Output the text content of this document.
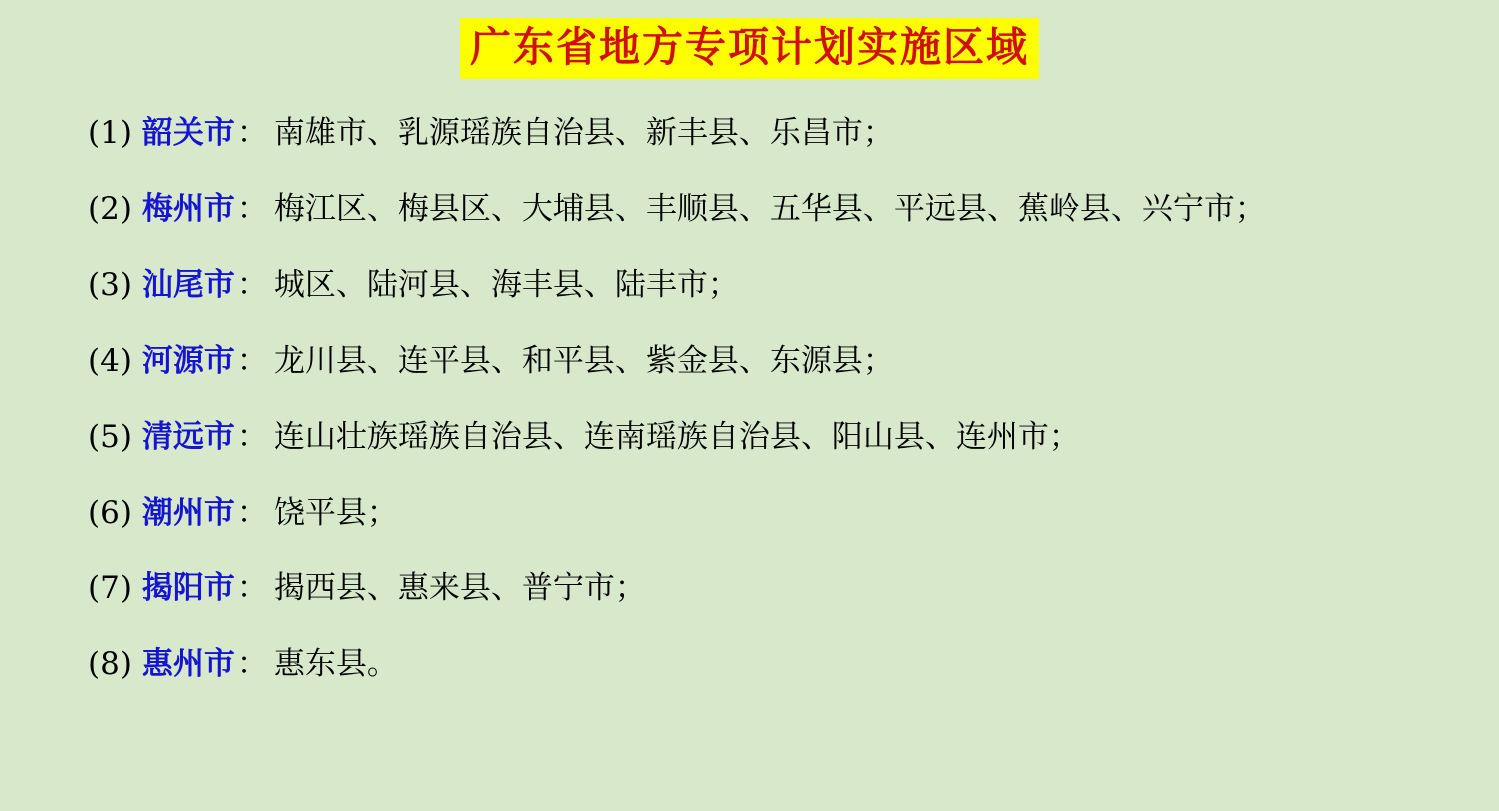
广东省地方专项计划实施区域
(1) 韶关市 ： 南雄市、乳源瑶族自治县、新丰县、乐昌市；
(2) 梅州市 ： 梅江区、梅县区、大埔县、丰顺县、五华县、平远县、蕉岭县、兴宁市；
(3) 汕尾市 ： 城区、陆河县、海丰县、陆丰市；
(4) 河源市 ： 龙川县、连平县、和平县、紫金县、东源县；
(5) 清远市 ： 连山壮族瑶族自治县、连南瑶族自治县、阳山县、连州市；
(6) 潮州市 ： 饶平县；
(7) 揭阳市 ： 揭西县、惠来县、普宁市；
(8) 惠州市 ： 惠东县。
